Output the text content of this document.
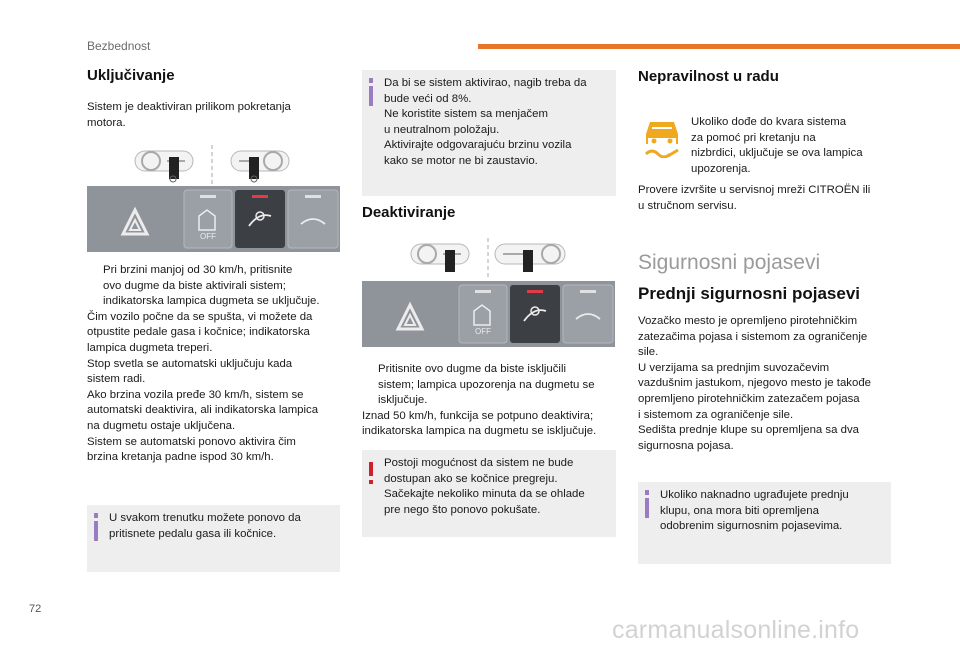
Bezbednost
Uključivanje

Sistem je deaktiviran prilikom pokretanja

motora.

OFF

Pri brzini manjoj od 30 km/h, pritisnite

ovo dugme da biste aktivirali sistem;

indikatorska lampica dugmeta se uključuje.

Čim vozilo počne da se spušta, vi možete da

otpustite pedale gasa i kočnice; indikatorska

lampica dugmeta treperi.

Stop svetla se automatski uključuju kada

sistem radi.

Ako brzina vozila pređe 30 km/h, sistem se

automatski deaktivira, ali indikatorska lampica

na dugmetu ostaje uključena.

Sistem se automatski ponovo aktivira čim

brzina kretanja padne ispod 30 km/h.

U svakom trenutku možete ponovo da

pritisnete pedalu gasa ili kočnice.

Da bi se sistem aktivirao, nagib treba da

bude veći od 8%.

Ne koristite sistem sa menjačem

u neutralnom položaju.

Aktivirajte odgovarajuću brzinu vozila

kako se motor ne bi zaustavio.

Deaktiviranje
OFF

Pritisnite ovo dugme da biste isključili

sistem; lampica upozorenja na dugmetu se

isključuje.

Iznad 50 km/h, funkcija se potpuno deaktivira;

indikatorska lampica na dugmetu se isključuje.

Postoji mogućnost da sistem ne bude

dostupan ako se kočnice pregreju.

Sačekajte nekoliko minuta da se ohlade

pre nego što ponovo pokušate.

Nepravilnost u radu

Ukoliko dođe do kvara sistema

za pomoć pri kretanju na

nizbrdici, uključuje se ova lampica

upozorenja.

Provere izvršite u servisnoj mreži CITROËN ili

u stručnom servisu.

Sigurnosni pojasevi
Prednji sigurnosni pojasevi

Vozačko mesto je opremljeno pirotehničkim

zatezačima pojasa i sistemom za ograničenje

sile.

U verzijama sa prednjim suvozačevim

vazdušnim jastukom, njegovo mesto je takođe

opremljeno pirotehničkim zatezačem pojasa

i sistemom za ograničenje sile.

Sedišta prednje klupe su opremljena sa dva

sigurnosna pojasa.

Ukoliko naknadno ugrađujete prednju

klupu, ona mora biti opremljena

odobrenim sigurnosnim pojasevima.

72
carmanualsonline.info
